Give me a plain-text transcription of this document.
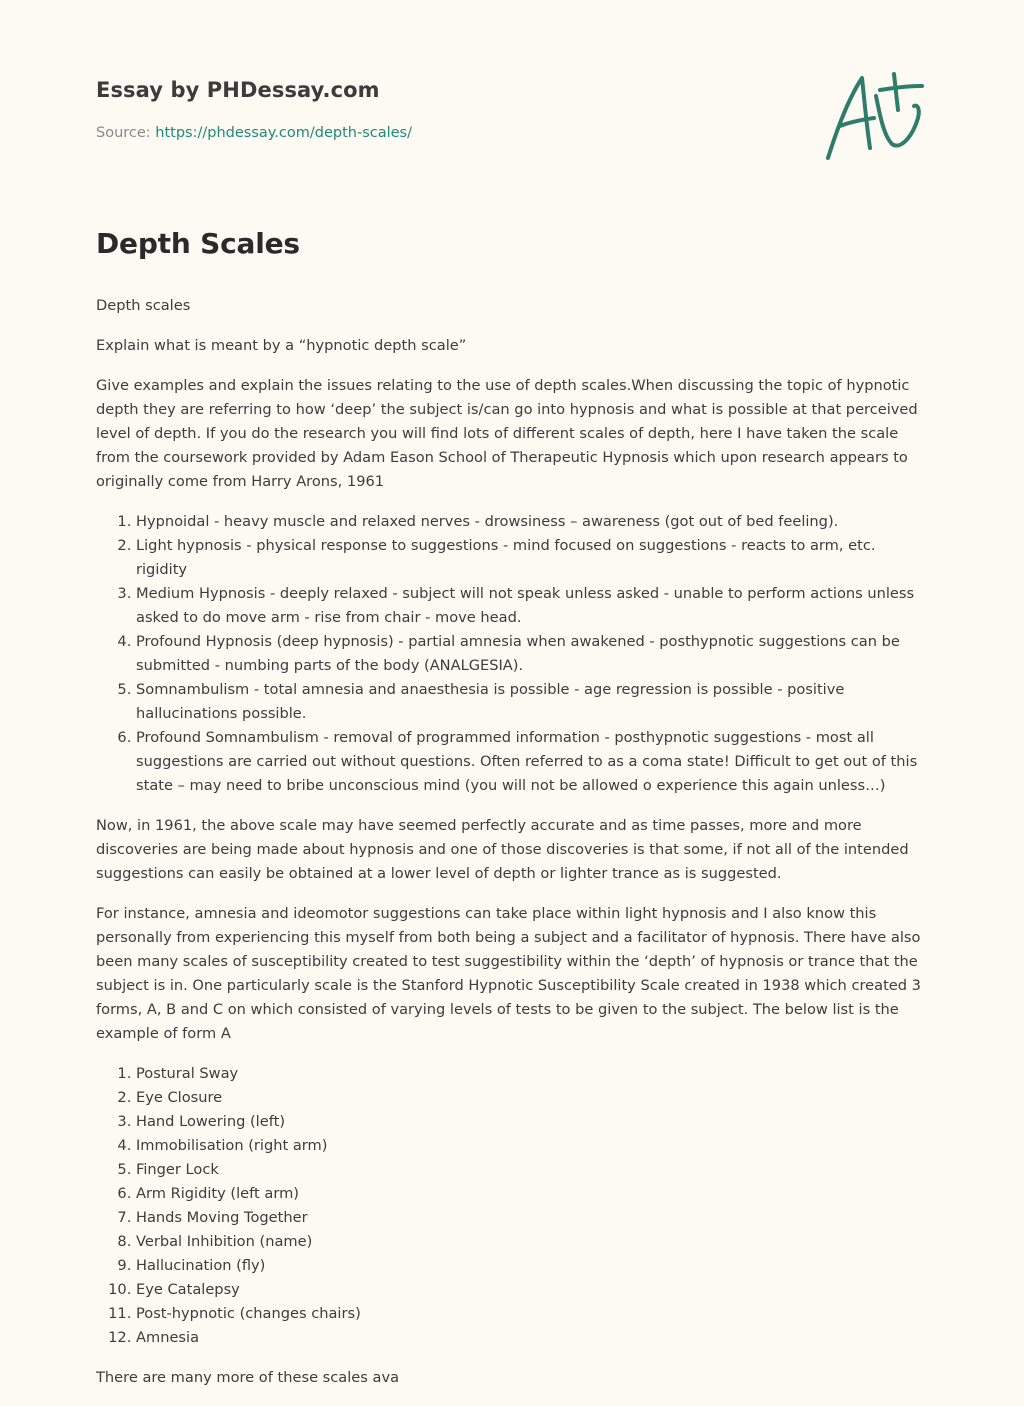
Essay by PHDessay.com
Source: https://phdessay.com/depth-scales/
Depth Scales

Depth scales

Explain what is meant by a “hypnotic depth scale”

Give examples and explain the issues relating to the use of depth scales.When discussing the topic of hypnotic depth they are referring to how ‘deep’ the subject is/can go into hypnosis and what is possible at that perceived level of depth. If you do the research you will find lots of different scales of depth, here I have taken the scale from the coursework provided by Adam Eason School of Therapeutic Hypnosis which upon research appears to originally come from Harry Arons, 1961

1. Hypnoidal - heavy muscle and relaxed nerves - drowsiness – awareness (got out of bed feeling).
2. Light hypnosis - physical response to suggestions - mind focused on suggestions - reacts to arm, etc. rigidity
3. Medium Hypnosis - deeply relaxed - subject will not speak unless asked - unable to perform actions unless asked to do move arm - rise from chair - move head.
4. Profound Hypnosis (deep hypnosis) - partial amnesia when awakened - posthypnotic suggestions can be submitted - numbing parts of the body (ANALGESIA).
5. Somnambulism - total amnesia and anaesthesia is possible - age regression is possible - positive hallucinations possible.
6. Profound Somnambulism - removal of programmed information - posthypnotic suggestions - most all suggestions are carried out without questions. Often referred to as a coma state! Difficult to get out of this state – may need to bribe unconscious mind (you will not be allowed o experience this again unless…)

Now, in 1961, the above scale may have seemed perfectly accurate and as time passes, more and more discoveries are being made about hypnosis and one of those discoveries is that some, if not all of the intended suggestions can easily be obtained at a lower level of depth or lighter trance as is suggested.

For instance, amnesia and ideomotor suggestions can take place within light hypnosis and I also know this personally from experiencing this myself from both being a subject and a facilitator of hypnosis. There have also been many scales of susceptibility created to test suggestibility within the ‘depth’ of hypnosis or trance that the subject is in. One particularly scale is the Stanford Hypnotic Susceptibility Scale created in 1938 which created 3 forms, A, B and C on which consisted of varying levels of tests to be given to the subject. The below list is the example of form A

1. Postural Sway
2. Eye Closure
3. Hand Lowering (left)
4. Immobilisation (right arm)
5. Finger Lock
6. Arm Rigidity (left arm)
7. Hands Moving Together
8. Verbal Inhibition (name)
9. Hallucination (fly)
10. Eye Catalepsy
11. Post-hypnotic (changes chairs)
12. Amnesia

There are many more of these scales ava
